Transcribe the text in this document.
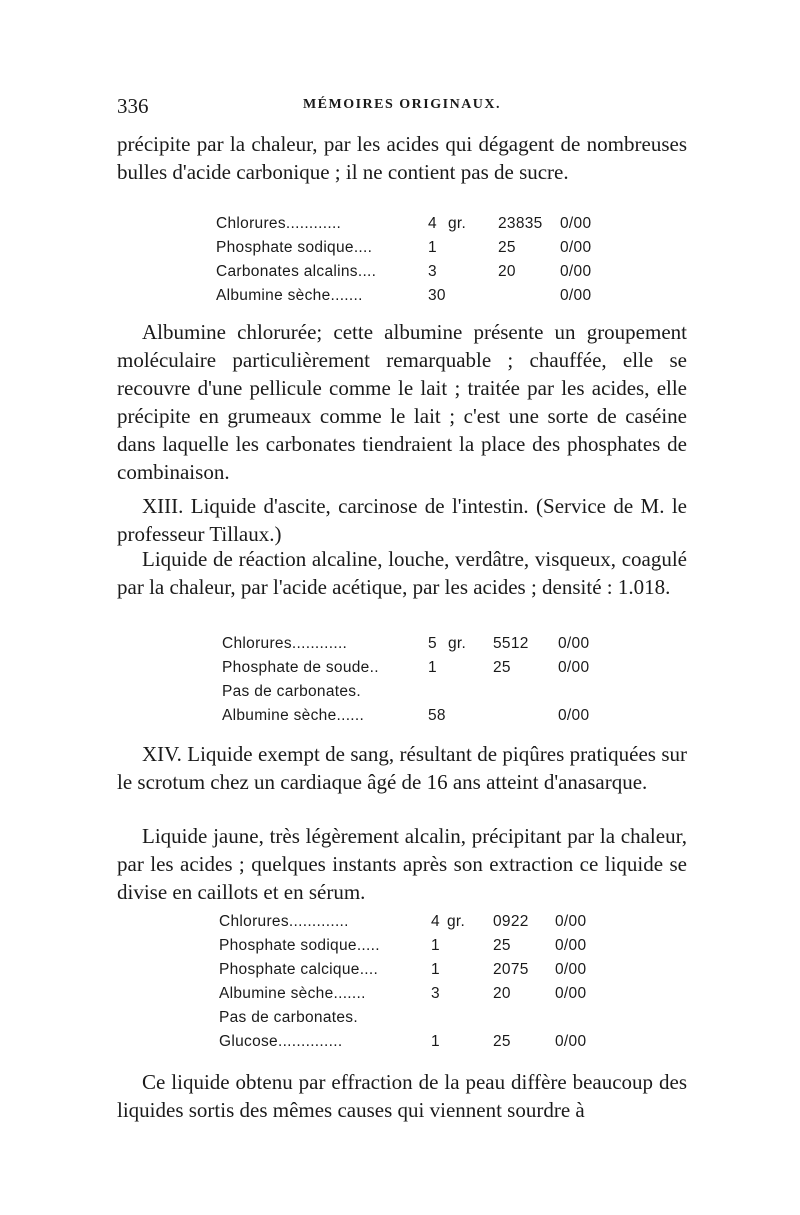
336	MÉMOIRES ORIGINAUX.

précipite par la chaleur, par les acides qui dégagent de nombreuses bulles d'acide carbonique ; il ne contient pas de sucre.

Chlorures............	4	gr.	23835	0/00
Phosphate sodique....	1		25	0/00
Carbonates alcalins....	3		20	0/00
Albumine sèche.......	30			0/00

Albumine chlorurée; cette albumine présente un groupement moléculaire particulièrement remarquable ; chauffée, elle se recouvre d'une pellicule comme le lait ; traitée par les acides, elle précipite en grumeaux comme le lait ; c'est une sorte de caséine dans laquelle les carbonates tiendraient la place des phosphates de combinaison.

XIII. Liquide d'ascite, carcinose de l'intestin. (Service de M. le professeur Tillaux.)

Liquide de réaction alcaline, louche, verdâtre, visqueux, coagulé par la chaleur, par l'acide acétique, par les acides ; densité : 1.018.

Chlorures............	5	gr.	5512	0/00
Phosphate de soude..	1		25	0/00
Pas de carbonates.				
Albumine sèche......	58			0/00

XIV. Liquide exempt de sang, résultant de piqûres pratiquées sur le scrotum chez un cardiaque âgé de 16 ans atteint d'anasarque.

Liquide jaune, très légèrement alcalin, précipitant par la chaleur, par les acides ; quelques instants après son extraction ce liquide se divise en caillots et en sérum.

Chlorures.............	4	gr.	0922	0/00
Phosphate sodique.....	1		25	0/00
Phosphate calcique....	1		2075	0/00
Albumine sèche.......	3		20	0/00
Pas de carbonates.				
Glucose..............	1		25	0/00

Ce liquide obtenu par effraction de la peau diffère beaucoup des liquides sortis des mêmes causes qui viennent sourdre à
